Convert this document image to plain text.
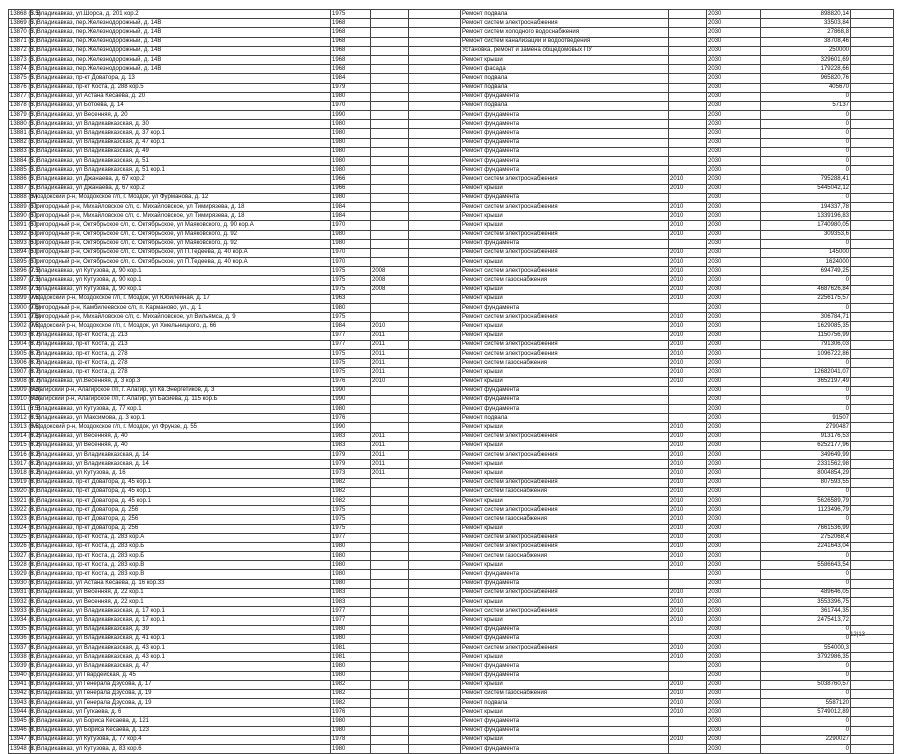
13868 (5.5)	г. Владикавказ, ул.Шорса, д. 201 кор.2	1975			Ремонт подвала		2030	898820,14	
13869 (5.)	г. Владикавказ, пер.Железнодорожный, д. 14В	1968			Ремонт систем электроснабжения		2030	33503,84	
13870 (5.)	г. Владикавказ, пер.Железнодорожный, д. 14В	1968			Ремонт систем холодного водоснабжения		2030	27868,8	
13871 (5.)	г. Владикавказ, пер.Железнодорожный, д. 14В	1968			Ремонт систем канализации и водоотведения		2030	38708,46	
13872 (5.)	г. Владикавказ, пер.Железнодорожный, д. 14В	1968			Установка, ремонт и замена общедомовых ПУ		2030	250000	
13873 (5.)	г. Владикавказ, пер.Железнодорожный, д. 14В	1968			Ремонт крыши		2030	329601,69	
13874 (5.)	г. Владикавказ, пер.Железнодорожный, д. 14В	1968			Ремонт фасада		2030	179228,66	
13875 (5.)	г. Владикавказ, пр-кт Доватора, д. 13	1984			Ремонт подвала		2030	965820,76	
13876 (5.)	г. Владикавказ, пр-кт Коста, д. 288 кор.5	1979			Ремонт подвала		2030	405670	
13877 (5.)	г. Владикавказ, ул Астана Кесаева, д. 20	1980			Ремонт фундамента		2030	0	
13878 (5.)	г. Владикавказ, ул Ботоева, д. 14	1970			Ремонт подвала		2030	57137	
13879 (5.)	г. Владикавказ, ул Весенняя, д. 20	1990			Ремонт фундамента		2030	0	
13880 (5.)	г. Владикавказ, ул Владикавказская, д. 30	1980			Ремонт фундамента		2030	0	
13881 (5.)	г. Владикавказ, ул Владикавказская, д. 37 кор.1	1980			Ремонт фундамента		2030	0	
13882 (5.)	г. Владикавказ, ул Владикавказская, д. 47 кор.1	1980			Ремонт фундамента		2030	0	
13883 (5.)	г. Владикавказ, ул Владикавказская, д. 49	1980			Ремонт фундамента		2030	0	
13884 (5.)	г. Владикавказ, ул Владикавказская, д. 51	1980			Ремонт фундамента		2030	0	
13885 (5.)	г. Владикавказ, ул Владикавказская, д. 51 кор.1	1980			Ремонт фундамента		2030	0	
13886 (5.)	г. Владикавказ, ул Джанаева, д. 67 кор.2	1966			Ремонт систем электроснабжения	2010	2030	795288,41	
13887 (5.)	г. Владикавказ, ул Джанаева, д. 67 кор.2	1966			Ремонт крыши	2010	2030	5445042,12	
13888 (5.)	Моздокский р-н, Моздокское г/п, г. Моздок, ул Фурманова, д. 12	1980			Ремонт фундамента		2030	0	
13889 (5.)	Пригородный р-н, Михайловское с/п, с. Михайловское, ул Тимирязева, д. 18	1984			Ремонт систем электроснабжения	2010	2030	194337,78	
13890 (5.)	Пригородный р-н, Михайловское с/п, с. Михайловское, ул Тимирязева, д. 18	1984			Ремонт крыши	2010	2030	1339196,83	
13891 (5.)	Пригородный р-н, Октябрьское с/п, с. Октябрьское, ул Маяковского, д. 90 кор.А	1970			Ремонт крыши	2010	2030	1740980,05	
13892 (5.)	Пригородный р-н, Октябрьское с/п, с. Октябрьское, ул Маяковского, д. 92	1980			Ремонт систем электроснабжения	2010	2030	309353,6	
13893 (5.)	Пригородный р-н, Октябрьское с/п, с. Октябрьское, ул Маяковского, д. 92	1980			Ремонт фундамента		2030	0	
13894 (5.)	Пригородный р-н, Октябрьское с/п, с. Октябрьское, ул П.Тедеева, д. 40 кор.А	1970			Ремонт систем электроснабжения	2010	2030	145000	
13895 (5.)	Пригородный р-н, Октябрьское с/п, с. Октябрьское, ул П.Тедеева, д. 40 кор.А	1970			Ремонт крыши	2010	2030	1624000	
13896 (7.5)	г. Владикавказ, ул Кутузова, д. 90 кор.1	1975	2008		Ремонт систем электроснабжения	2010	2030	694749,25	
13897 (7.5)	г. Владикавказ, ул Кутузова, д. 90 кор.1	1975	2008		Ремонт систем газоснабжения	2010	2030	0	
13898 (7.5)	г. Владикавказ, ул Кутузова, д. 90 кор.1	1975	2008		Ремонт крыши	2010	2030	4687626,84	
13899 (7.5)	Моздокский р-н, Моздокское г/п, г. Моздок, ул Юбилейная, д. 17	1963			Ремонт крыши	2010	2030	2256175,57	
13900 (7.5)	Пригородный р-н, Камбилеевское с/п, п. Карманово, ул., д. 1	1980			Ремонт фундамента		2030	0	
13901 (7.5)	Пригородный р-н, Михайловское с/п, с. Михайловское, ул Вильямса, д. 9	1975			Ремонт систем электроснабжения	2010	2030	306784,71	
13902 (7.5)	Моздокский р-н, Моздокское г/п, г. Моздок, ул Хмельницкого, д. 66	1984	2010		Ремонт крыши	2010	2030	1629085,35	
13903 (6.7)	г. Владикавказ, пр-кт Коста, д. 213	1977	2011		Ремонт крыши	2010	2030	1150756,99	
13904 (6.7)	г. Владикавказ, пр-кт Коста, д. 213	1977	2011		Ремонт систем электроснабжения	2010	2030	791306,03	
13905 (6.7)	г. Владикавказ, пр-кт Коста, д. 278	1975	2011		Ремонт систем электроснабжения	2010	2030	1096722,86	
13906 (6.7)	г. Владикавказ, пр-кт Коста, д. 278	1975	2011		Ремонт систем газоснабжения	2010	2030	0	
13907 (6.7)	г. Владикавказ, пр-кт Коста, д. 278	1975	2011		Ремонт крыши	2010	2030	12682041,07	
13908 (6.7)	г. Владикавказ, ул.Весенняя, д. 3 кор.3	1976	2010		Ремонт крыши	2010	2030	3652197,49	
13909 (6.5)	Алагирский р-н, Алагирское г/п, г. Алагир, ул Кв.Энергетиков, д. 3	1990			Ремонт фундамента		2030	0	
13910 (6.5)	Алагирский р-н, Алагирское г/п, г. Алагир, ул Басиева, д. 115 кор.Б	1990			Ремонт фундамента		2030	0	
13911 (6.5)	г. Владикавказ, ул Кутузова, д. 77 кор.1	1980			Ремонт фундамента		2030	0	
13912 (6.5)	г. Владикавказ, ул Максимова, д. 3 кор.1	1976			Ремонт подвала		2030	91507	
13913 (6.5)	Моздокский р-н, Моздокское г/п, г. Моздок, ул Фрунзе, д. 55	1990			Ремонт крыши	2010	2030	2790487	
13914 (6.2)	г. Владикавказ, ул Весенняя, д. 40	1983	2011		Ремонт систем электроснабжения	2010	2030	913176,53	
13915 (6.2)	г. Владикавказ, ул Весенняя, д. 40	1983	2011		Ремонт крыши	2010	2030	6252177,96	
13916 (6.2)	г. Владикавказ, ул Владикавказская, д. 14	1979	2011		Ремонт систем электроснабжения	2010	2030	349649,99	
13917 (6.2)	г. Владикавказ, ул Владикавказская, д. 14	1979	2011		Ремонт крыши	2010	2030	2331562,98	
13918 (6.2)	г. Владикавказ, ул Кутузова, д. 16	1973	2011		Ремонт крыши	2010	2030	8004854,29	
13919 (6.)	г. Владикавказ, пр-кт Доватора, д. 45 кор.1	1982			Ремонт систем электроснабжения	2010	2030	807593,55	
13920 (6.)	г. Владикавказ, пр-кт Доватора, д. 45 кор.1	1982			Ремонт систем газоснабжения	2010	2030	0	
13921 (6.)	г. Владикавказ, пр-кт Доватора, д. 45 кор.1	1982			Ремонт крыши	2010	2030	5626589,79	
13922 (6.)	г. Владикавказ, пр-кт Доватора, д. 256	1975			Ремонт систем электроснабжения	2010	2030	1123496,79	
13923 (6.)	г. Владикавказ, пр-кт Доватора, д. 256	1975			Ремонт систем газоснабжения	2010	2030	0	
13924 (6.)	г. Владикавказ, пр-кт Доватора, д. 256	1975			Ремонт крыши	2010	2030	7661536,99	
13925 (6.)	г. Владикавказ, пр-кт Коста, д. 283 кор.А	1977			Ремонт систем электроснабжения	2010	2030	2752068,4	
13926 (6.)	г. Владикавказ, пр-кт Коста, д. 283 кор.Б	1980			Ремонт систем электроснабжения	2010	2030	2241643,04	
13927 (6.)	г. Владикавказ, пр-кт Коста, д. 283 кор.Б	1980			Ремонт систем газоснабжения	2010	2030	0	
13928 (6.)	г. Владикавказ, пр-кт Коста, д. 283 кор.В	1980			Ремонт крыши	2010	2030	5586643,54	
13929 (6.)	г. Владикавказ, пр-кт Коста, д. 283 кор.В	1980			Ремонт фундамента		2030	0	
13930 (6.)	г. Владикавказ, ул Астана Кесаева, д. 16 кор.33	1980			Ремонт фундамента		2030	0	
13931 (6.)	г. Владикавказ, ул Весенняя, д. 22 кор.1	1983			Ремонт систем электроснабжения	2010	2030	489646,05	
13932 (6.)	г. Владикавказ, ул Весенняя, д. 22 кор.1	1983			Ремонт крыши	2010	2030	3553396,75	
13933 (6.)	г. Владикавказ, ул Владикавказская, д. 17 кор.1	1977			Ремонт систем электроснабжения	2010	2030	361744,35	
13934 (6.)	г. Владикавказ, ул Владикавказская, д. 17 кор.1	1977			Ремонт крыши	2010	2030	2475413,72	
13935 (6.)	г. Владикавказ, ул Владикавказская, д. 39	1980			Ремонт фундамента		2030	0	
13936 (6.)	г. Владикавказ, ул Владикавказская, д. 41 кор.1	1980			Ремонт фундамента		2030	0	
13937 (6.)	г. Владикавказ, ул Владикавказская, д. 43 кор.1	1981			Ремонт систем электроснабжения	2010	2030	554000,3	
13938 (6.)	г. Владикавказ, ул Владикавказская, д. 43 кор.1	1981			Ремонт крыши	2010	2030	3792986,35	
13939 (6.)	г. Владикавказ, ул Владикавказская, д. 47	1980			Ремонт фундамента		2030	0	
13940 (6.)	г. Владикавказ, ул Гвардейская, д. 45	1980			Ремонт фундамента		2030	0	
13941 (6.)	г. Владикавказ, ул Генерала Дзусова, д. 17	1982			Ремонт крыши	2010	2030	5038760,57	
13942 (6.)	г. Владикавказ, ул Генерала Дзусова, д. 19	1982			Ремонт систем газоснабжения	2010	2030	0	
13943 (6.)	г. Владикавказ, ул Генерала Дзусова, д. 19	1982			Ремонт подвала	2010	2030	5587120	
13944 (6.)	г. Владикавказ, ул Гугкаева, д. 6	1976			Ремонт крыши	2010	2030	5749012,89	
13945 (6.)	г. Владикавказ, ул Бориса Кесаева, д. 121	1980			Ремонт фундамента		2030	0	
13946 (6.)	г. Владикавказ, ул Бориса Кесаева, д. 123	1980			Ремонт фундамента		2030	0	
13947 (6.)	г. Владикавказ, ул Кутузова, д. 77 кор.4	1978			Ремонт крыши	2010	2030	2290027	
13948 (6.)	г. Владикавказ, ул Кутузова, д. 83 кор.6	1980			Ремонт фундамента		2030	0	
12|13
